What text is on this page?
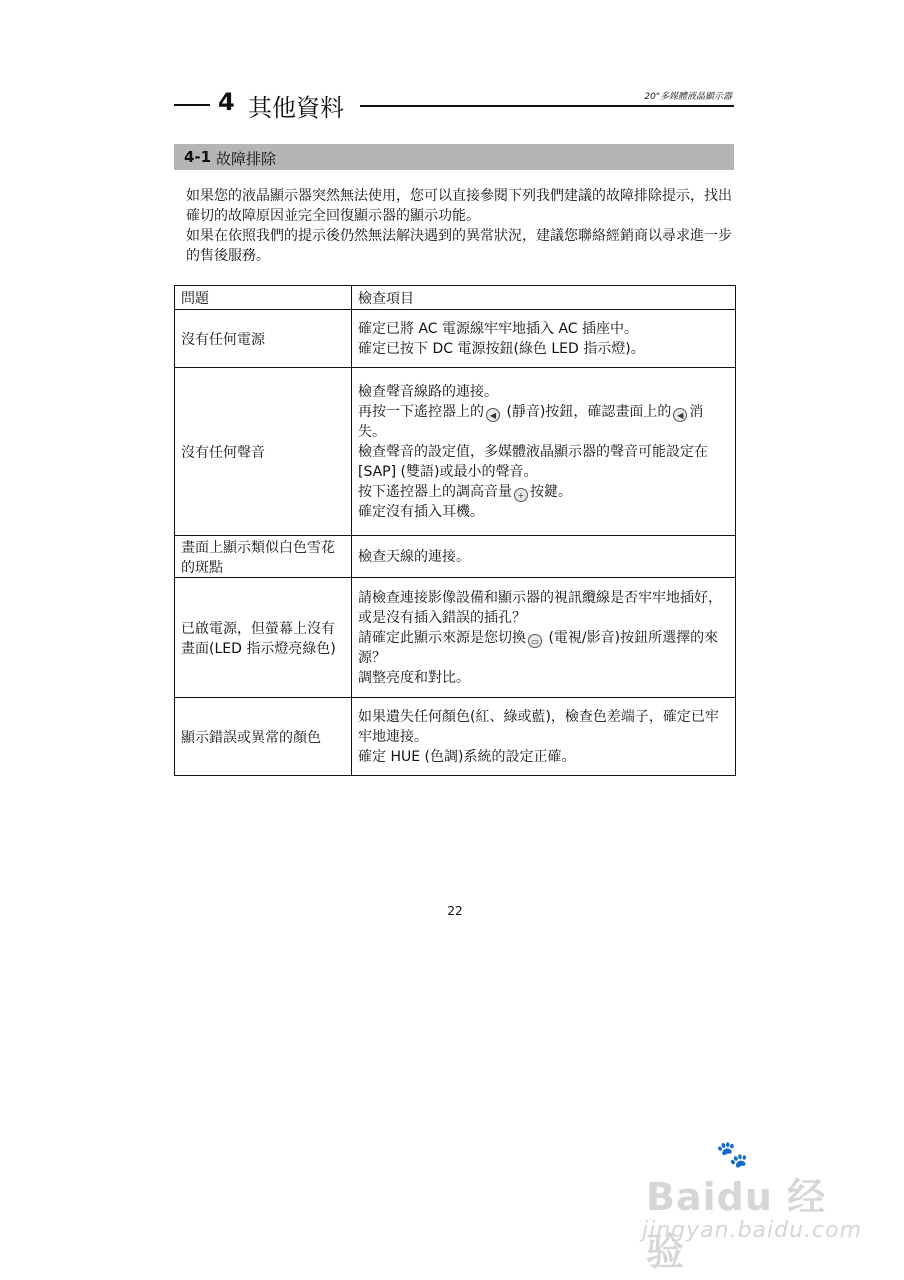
4 其他資料	20"多媒體液晶顯示器
4-1 故障排除

如果您的液晶顯示器突然無法使用，您可以直接參閱下列我們建議的故障排除提示，找出確切的故障原因並完全回復顯示器的顯示功能。

如果在依照我們的提示後仍然無法解決遇到的異常狀況，建議您聯絡經銷商以尋求進一步的售後服務。

問題	檢查項目
沒有任何電源	確定已將 AC 電源線牢牢地插入 AC 插座中。
確定已按下 DC 電源按鈕(綠色 LED 指示燈)。

沒有任何聲音	檢查聲音線路的連接。
再按一下遙控器上的 ◀ (靜音)按鈕，確認畫面上的 ◀ 消失。
檢查聲音的設定值，多媒體液晶顯示器的聲音可能設定在[SAP] (雙語)或最小的聲音。
按下遙控器上的調高音量 + 按鍵。
確定沒有插入耳機。

畫面上顯示類似白色雪花的斑點	檢查天線的連接。

已啟電源，但螢幕上沒有畫面(LED 指示燈亮綠色)	請檢查連接影像設備和顯示器的視訊纜線是否牢牢地插好，或是沒有插入錯誤的插孔？
請確定此顯示來源是您切換 ▭ (電視/影音)按鈕所選擇的來源？
調整亮度和對比。

顯示錯誤或異常的顏色	如果遺失任何顏色(紅、綠或藍)，檢查色差端子，確定已牢牢地連接。
確定 HUE (色調)系統的設定正確。
22
🐾
Baidu 经验
jingyan.baidu.com
